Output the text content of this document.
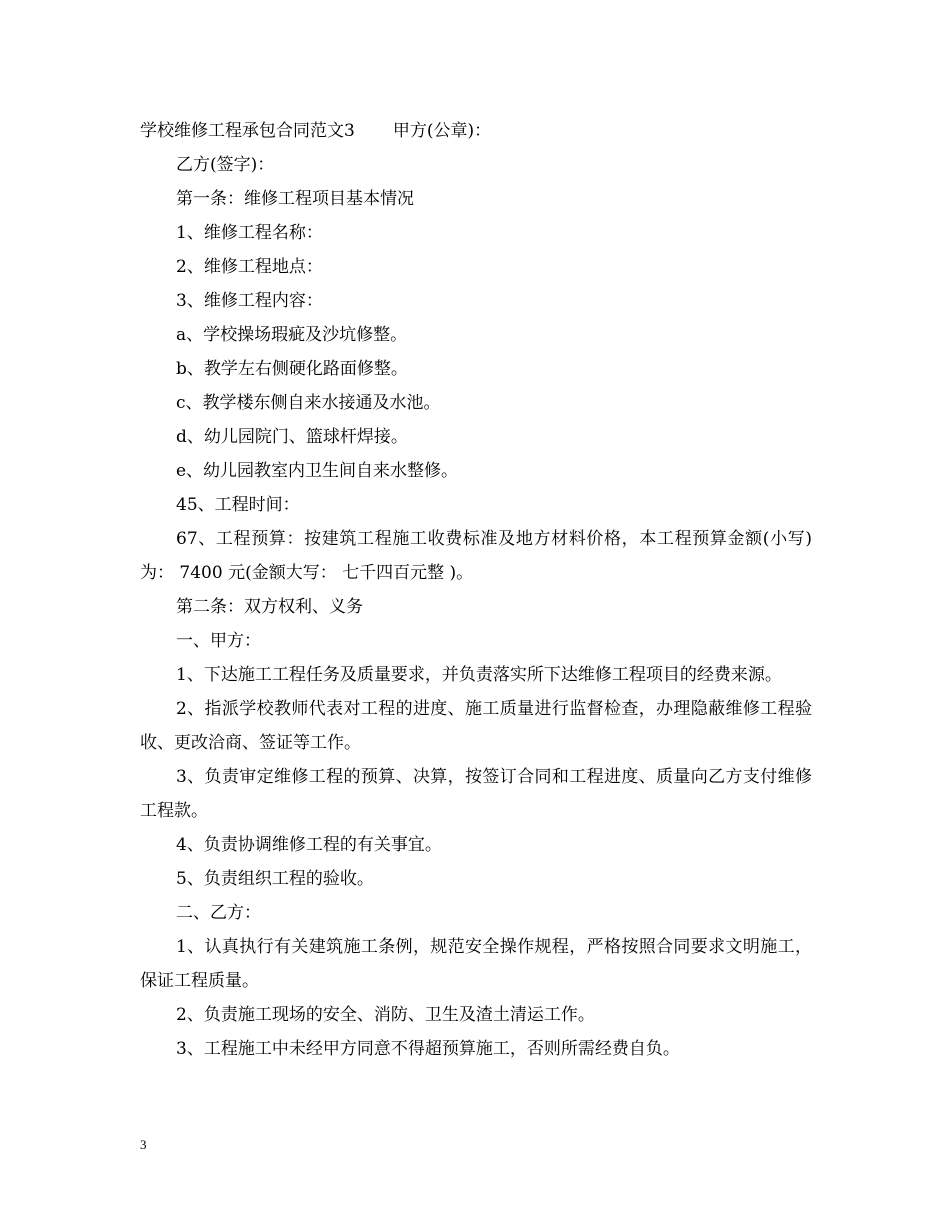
学校维修工程承包合同范文3 甲方(公章)：
乙方(签字)：
第一条：维修工程项目基本情况
1、维修工程名称：
2、维修工程地点：
3、维修工程内容：
a、学校操场瑕疵及沙坑修整。
b、教学左右侧硬化路面修整。
c、教学楼东侧自来水接通及水池。
d、幼儿园院门、篮球杆焊接。
e、幼儿园教室内卫生间自来水整修。
45、工程时间：
67、工程预算：按建筑工程施工收费标准及地方材料价格，本工程预算金额(小写)为： 7400 元(金额大写： 七千四百元整 )。
第二条：双方权利、义务
一、甲方：
1、下达施工工程任务及质量要求，并负责落实所下达维修工程项目的经费来源。
2、指派学校教师代表对工程的进度、施工质量进行监督检查，办理隐蔽维修工程验收、更改洽商、签证等工作。
3、负责审定维修工程的预算、决算，按签订合同和工程进度、质量向乙方支付维修工程款。
4、负责协调维修工程的有关事宜。
5、负责组织工程的验收。
二、乙方：
1、认真执行有关建筑施工条例，规范安全操作规程，严格按照合同要求文明施工，保证工程质量。
2、负责施工现场的安全、消防、卫生及渣土清运工作。
3、工程施工中未经甲方同意不得超预算施工，否则所需经费自负。
3
